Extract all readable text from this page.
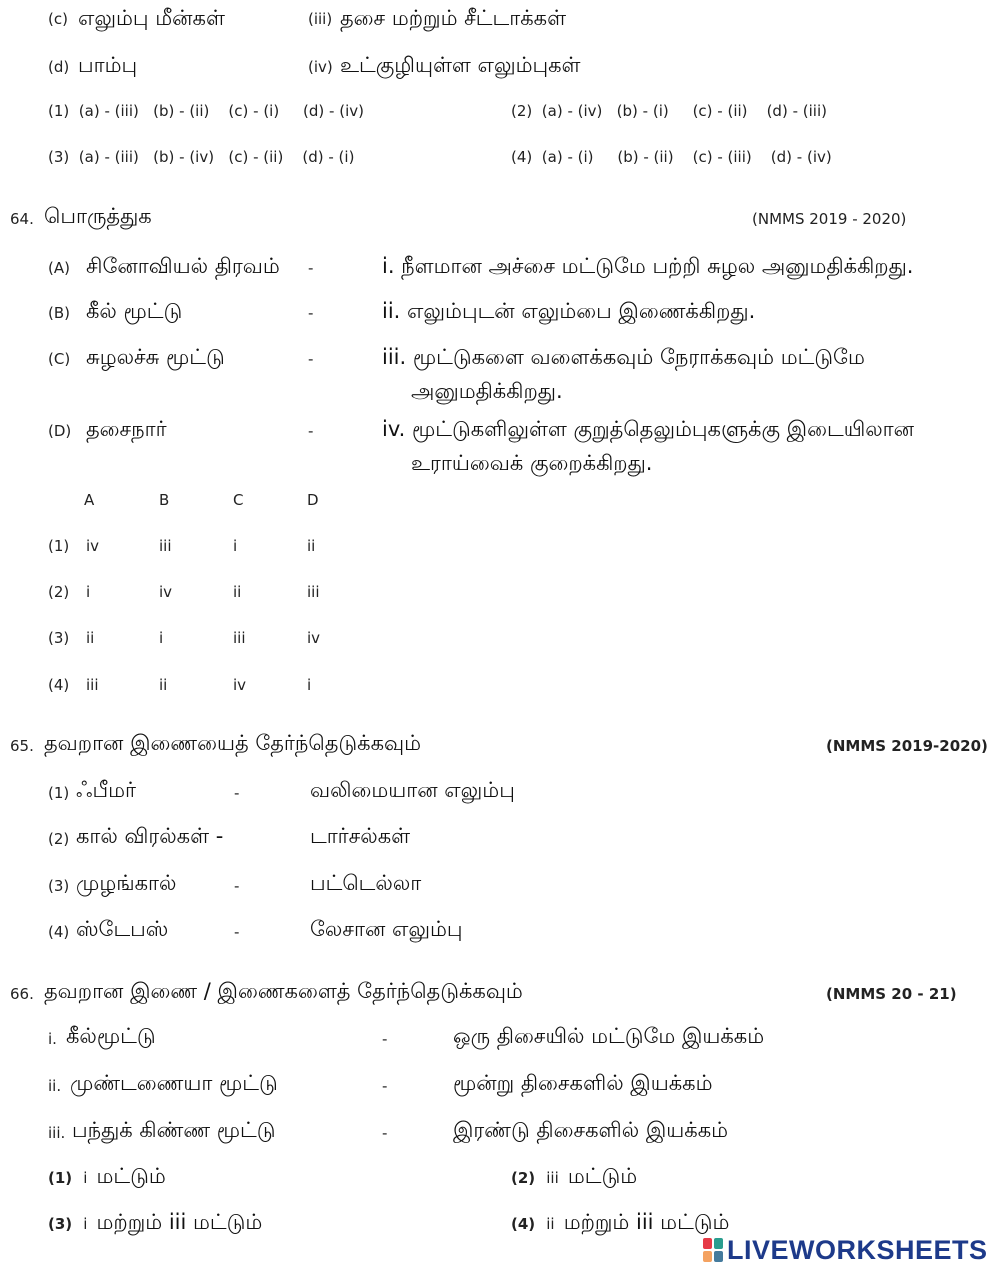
(c) எலும்பு மீன்கள்	(iii) தசை மற்றும் சீட்டாக்கள்
(d) பாம்பு	(iv) உட்குழியுள்ள எலும்புகள்
(1)  (a) - (iii)   (b) - (ii)    (c) - (i)     (d) - (iv)	(2)  (a) - (iv)   (b) - (i)     (c) - (ii)    (d) - (iii)
(3)  (a) - (iii)   (b) - (iv)   (c) - (ii)    (d) - (i)	(4)  (a) - (i)     (b) - (ii)    (c) - (iii)    (d) - (iv)
64. பொருத்துக	(NMMS 2019 - 2020)
(A) சினோவியல் திரவம் -	i. நீளமான அச்சை மட்டுமே பற்றி சுழல அனுமதிக்கிறது.
(B) கீல் மூட்டு	-	ii. எலும்புடன் எலும்பை இணைக்கிறது.
(C) சுழலச்சு மூட்டு	-	iii. மூட்டுகளை வளைக்கவும் நேராக்கவும் மட்டுமே
அனுமதிக்கிறது.
(D) தசைநார்	-	iv. மூட்டுகளிலுள்ள குறுத்தெலும்புகளுக்கு இடையிலான
உராய்வைக் குறைக்கிறது.
A	B	C	D
(1) iv	iii	i	ii
(2) i	iv	ii	iii
(3) ii	i	iii	iv
(4) iii	ii	iv	i
65. தவறான இணையைத் தேர்ந்தெடுக்கவும்	(NMMS 2019-2020)
(1) ஃபீமர்	-	வலிமையான எலும்பு
(2) கால் விரல்கள் -	டார்சல்கள்
(3) முழங்கால்	-	பட்டெல்லா
(4) ஸ்டேபஸ்	-	லேசான எலும்பு
66. தவறான இணை / இணைகளைத் தேர்ந்தெடுக்கவும்	(NMMS 20 - 21)
i. கீல்மூட்டு	-	ஒரு திசையில் மட்டுமே இயக்கம்
ii. முண்டணையா மூட்டு	-	மூன்று திசைகளில் இயக்கம்
iii. பந்துக் கிண்ண மூட்டு	-	இரண்டு திசைகளில் இயக்கம்
(1) i மட்டும்	(2) iii மட்டும்
(3) i மற்றும் iii மட்டும்	(4) ii மற்றும் iii மட்டும்
LIVEWORKSHEETS
